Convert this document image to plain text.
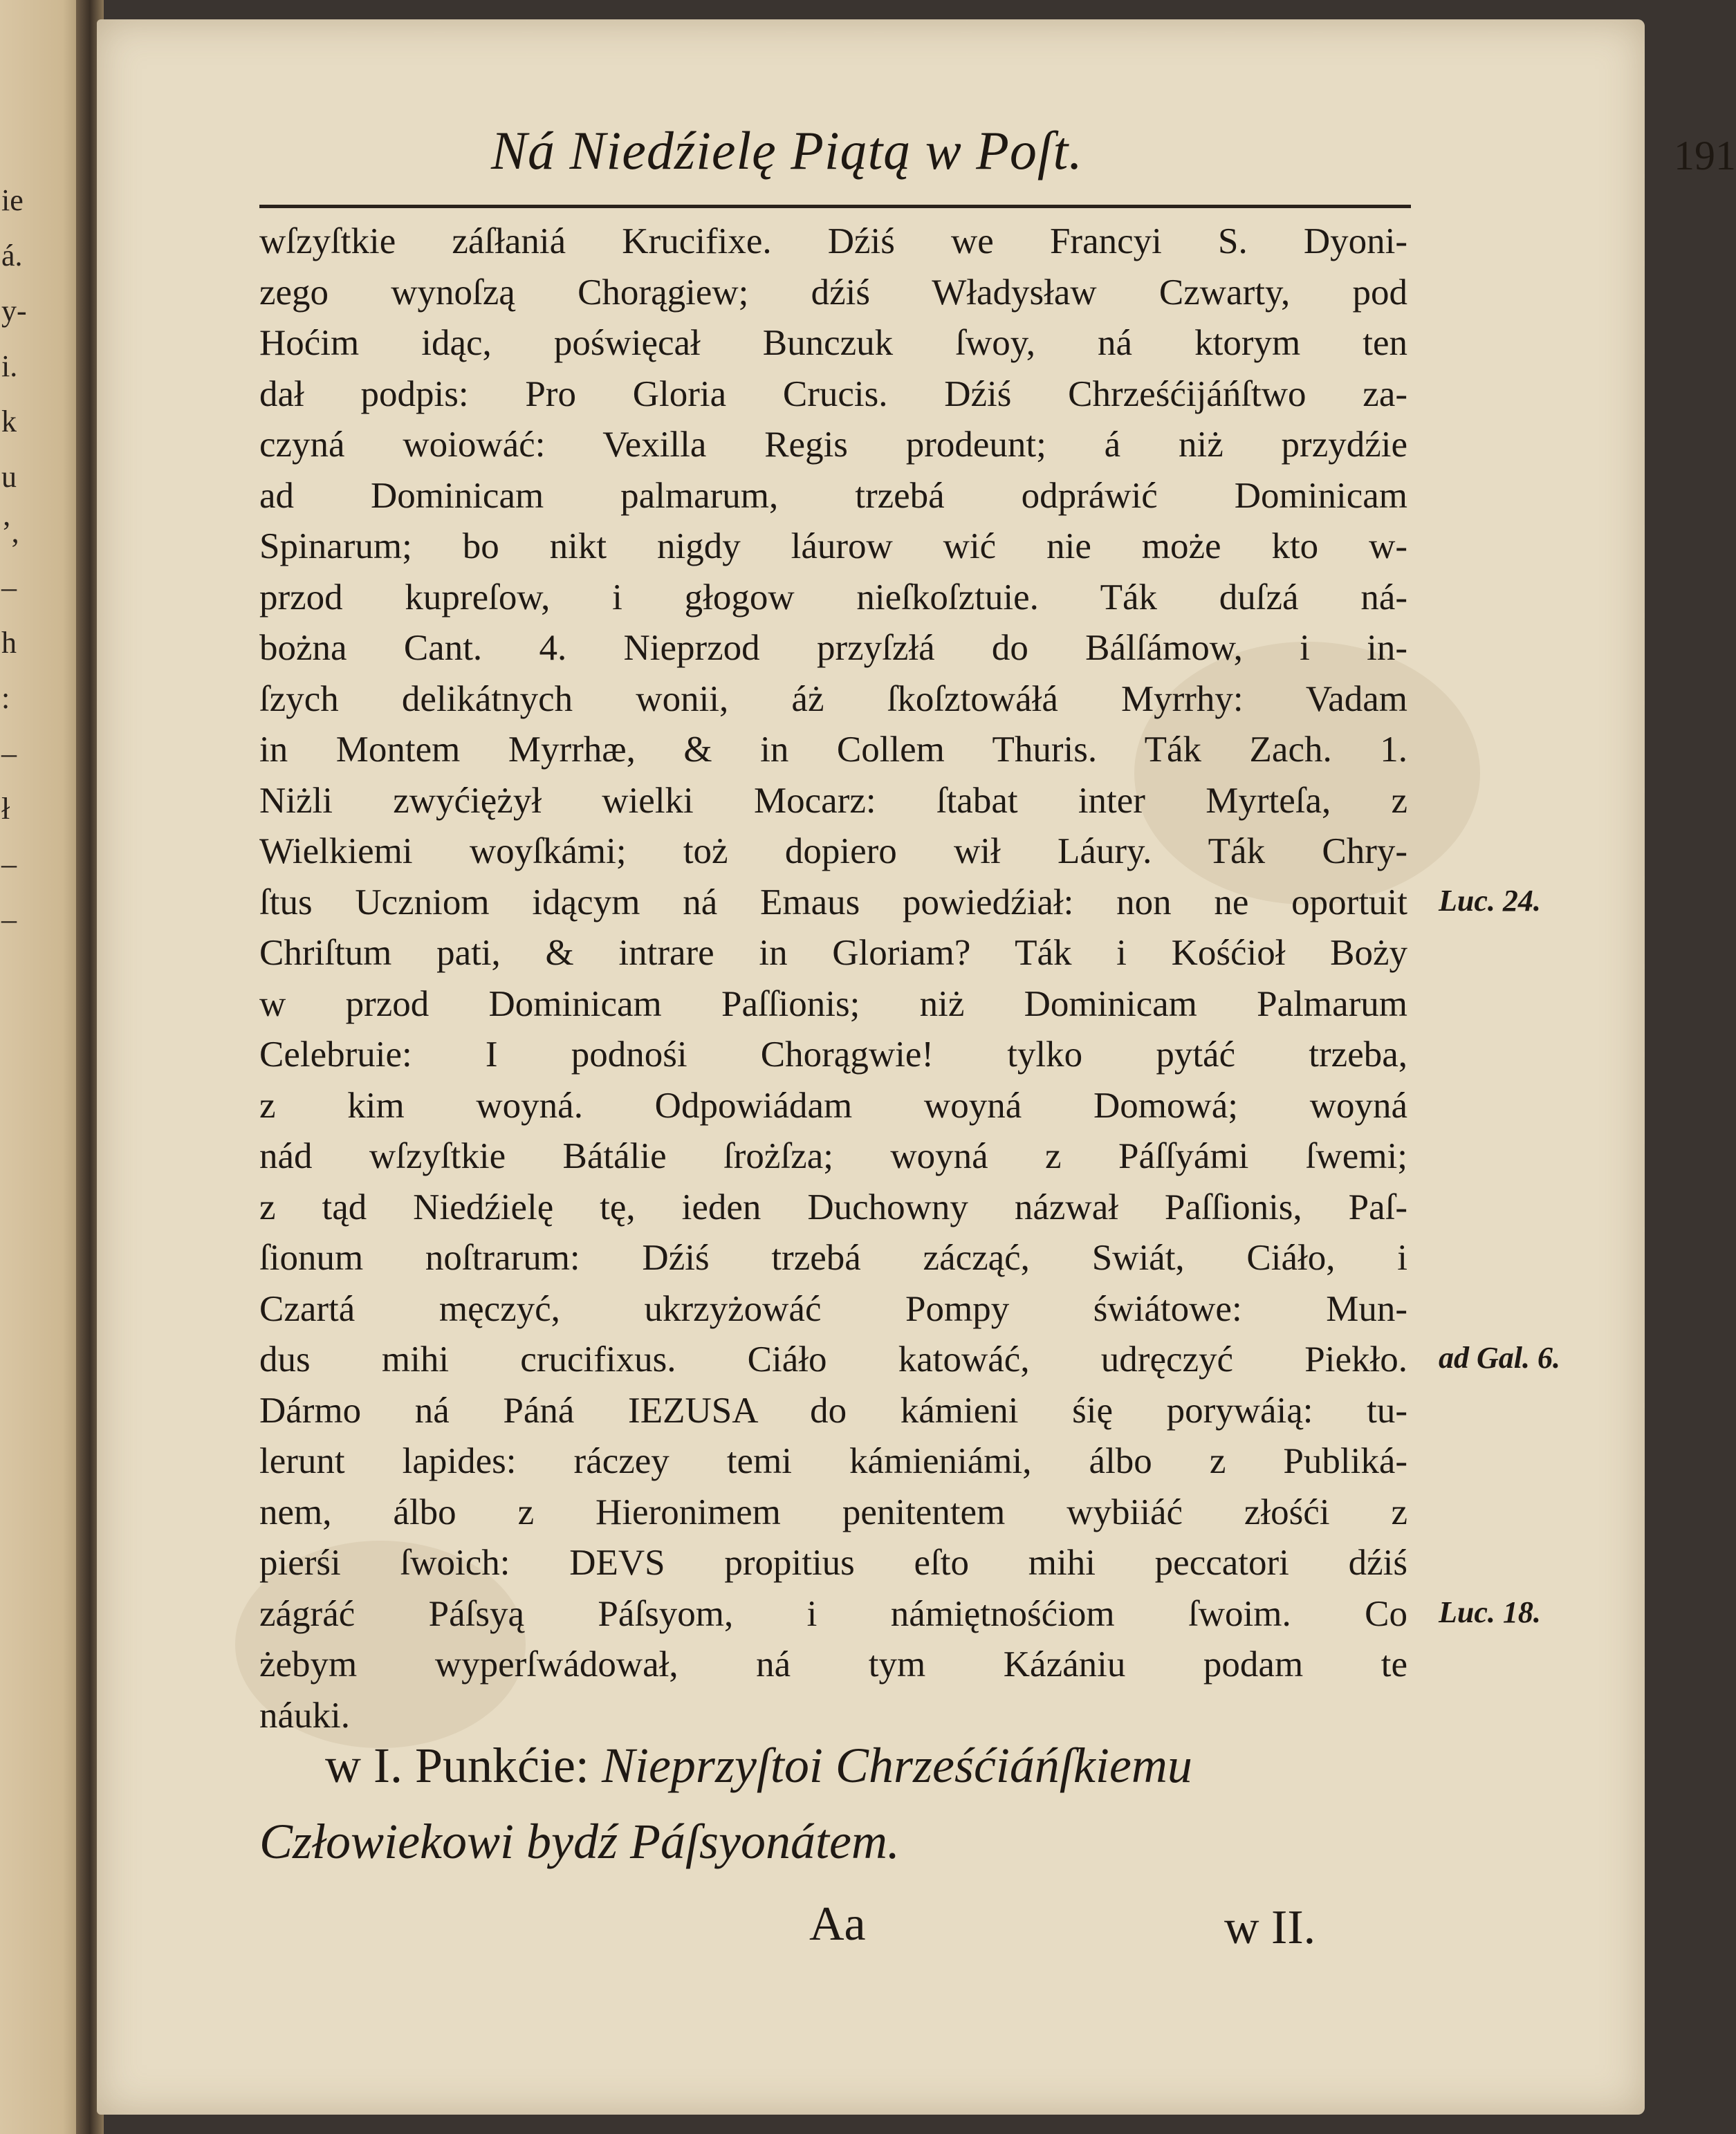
ie
á.
y-
i.
k
u
’,
–
h
:
–
ł
–
–
Ná Niedźielę Piątą w Poſt.	191
wſzyſtkie záſłaniá Krucifixe. Dźiś we Francyi S. Dyoni-
zego wynoſzą Chorągiew; dźiś Władysław Czwarty, pod
Hoćim idąc, poświęcał Bunczuk ſwoy, ná ktorym ten
dał podpis: Pro Gloria Crucis. Dźiś Chrześćijáńſtwo za-
czyná woiowáć: Vexilla Regis prodeunt; á niż przydźie
ad Dominicam palmarum, trzebá odpráwić Dominicam
Spinarum; bo nikt nigdy láurow wić nie może kto w-
przod kupreſow, i głogow nieſkoſztuie. Ták duſzá ná-
bożna Cant. 4. Nieprzod przyſzłá do Bálſámow, i in-
ſzych delikátnych wonii, áż ſkoſztowáłá Myrrhy: Vadam
in Montem Myrrhæ, & in Collem Thuris. Ták Zach. 1.
Niżli zwyćiężył wielki Mocarz: ſtabat inter Myrteſa, z
Wielkiemi woyſkámi; toż dopiero wił Láury. Ták Chry-
ſtus Uczniom idącym ná Emaus powiedźiał: non ne oportuit
Chriſtum pati, & intrare in Gloriam? Ták i Kośćioł Boży
w przod Dominicam Paſſionis; niż Dominicam Palmarum
Celebruie: I podnośi Chorągwie! tylko pytáć trzeba,
z kim woyná. Odpowiádam woyná Domowá; woyná
nád wſzyſtkie Bátálie ſrożſza; woyná z Páſſyámi ſwemi;
z tąd Niedźielę tę, ieden Duchowny názwał Paſſionis, Paſ-
ſionum noſtrarum: Dźiś trzebá zácząć, Swiát, Ciáło, i
Czartá męczyć, ukrzyżowáć Pompy świátowe: Mun-
dus mihi crucifixus. Ciáło katowáć, udręczyć Piekło.
Dármo ná Páná IEZUSA do kámieni śię porywáią: tu-
lerunt lapides: ráczey temi kámieniámi, álbo z Publiká-
nem, álbo z Hieronimem penitentem wybiiáć złośći z
pierśi ſwoich: DEVS propitius eſto mihi peccatori dźiś
zágráć Páſsyą Páſsyom, i námiętnośćiom ſwoim. Co
żebym wyperſwádował, ná tym Kázániu podam te
náuki.
Luc. 24.
ad Gal. 6.
Luc. 18.
w I. Punkćie: Nieprzyſtoi Chrześćiáńſkiemu
Człowiekowi bydź Páſsyonátem.
Aa	w II.
